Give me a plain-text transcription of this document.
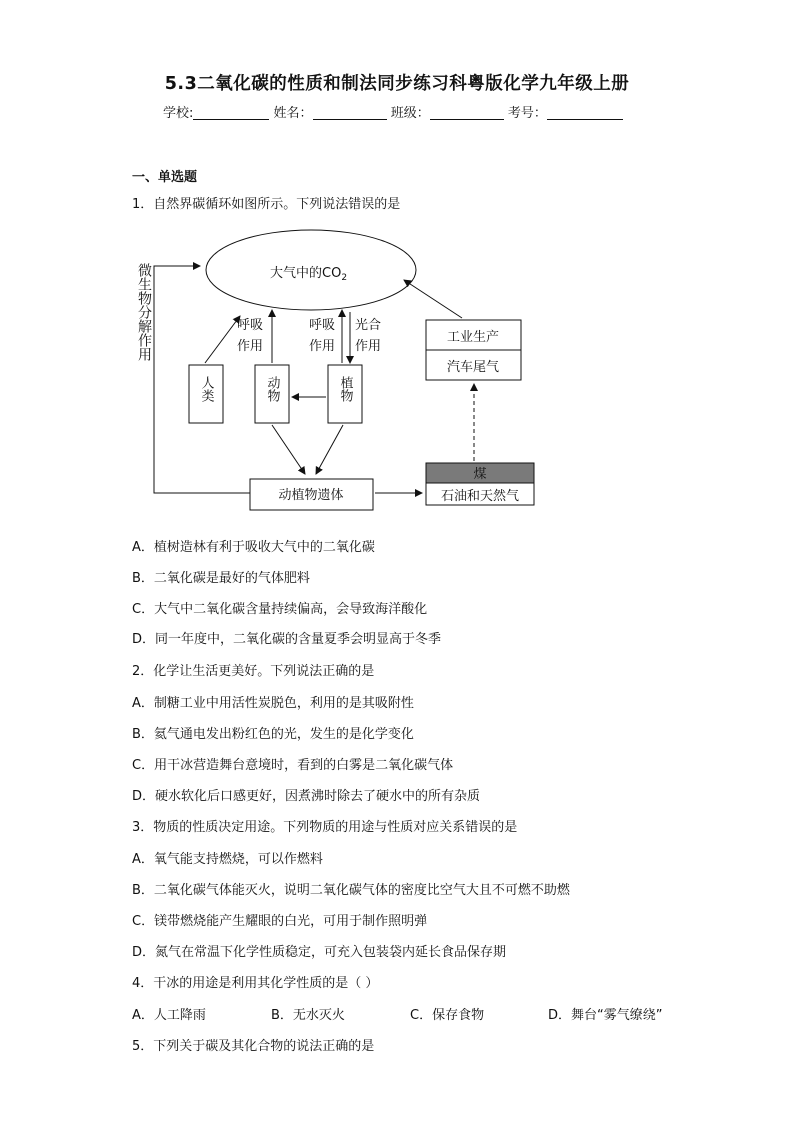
5.3二氧化碳的性质和制法同步练习科粤版化学九年级上册
学校:	姓名：	班级：	考号：
一、单选题
1．自然界碳循环如图所示。下列说法错误的是
大气中的$CO_2$
微生物分解作用	呼吸
作用
呼吸
作用
光合
作用
人类	动物	植物
动植物遗体
工业生产
汽车尾气
煤
石油和天然气
A．植树造林有利于吸收大气中的二氧化碳
B．二氧化碳是最好的气体肥料
C．大气中二氧化碳含量持续偏高，会导致海洋酸化
D．同一年度中，二氧化碳的含量夏季会明显高于冬季
2．化学让生活更美好。下列说法正确的是
A．制糖工业中用活性炭脱色，利用的是其吸附性
B．氦气通电发出粉红色的光，发生的是化学变化
C．用干冰营造舞台意境时，看到的白雾是二氧化碳气体
D．硬水软化后口感更好，因煮沸时除去了硬水中的所有杂质
3．物质的性质决定用途。下列物质的用途与性质对应关系错误的是
A．氧气能支持燃烧，可以作燃料
B．二氧化碳气体能灭火，说明二氧化碳气体的密度比空气大且不可燃不助燃
C．镁带燃烧能产生耀眼的白光，可用于制作照明弹
D．氮气在常温下化学性质稳定，可充入包装袋内延长食品保存期
4．干冰的用途是利用其化学性质的是（ ）
A．人工降雨	B．无水灭火	C．保存食物	D．舞台“雾气缭绕”
5．下列关于碳及其化合物的说法正确的是
